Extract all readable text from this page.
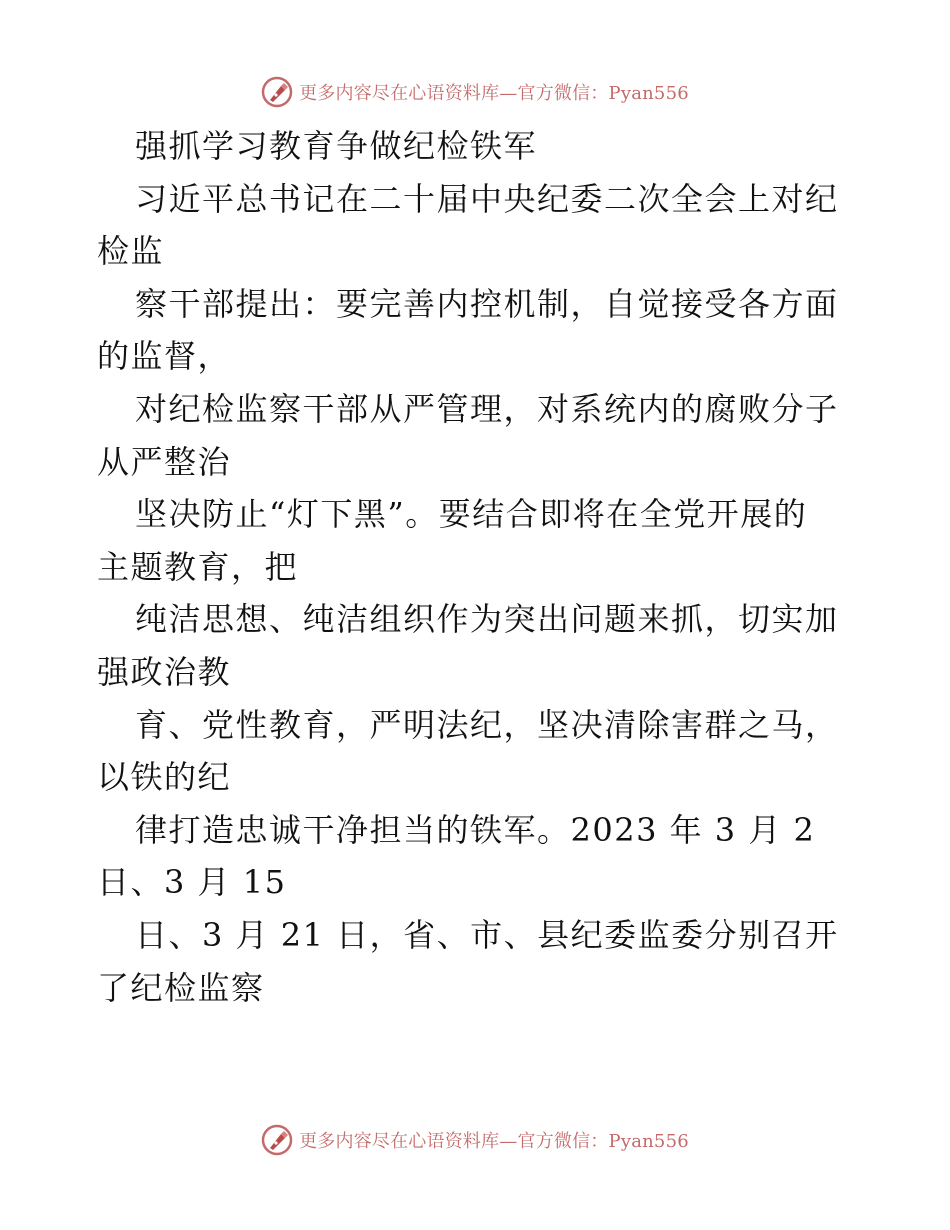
更多内容尽在心语资料库—官方微信：Pyan556
强抓学习教育争做纪检铁军
习近平总书记在二十届中央纪委二次全会上对纪
检监
察干部提出：要完善内控机制，自觉接受各方面
的监督，
对纪检监察干部从严管理，对系统内的腐败分子
从严整治
坚决防止“灯下黑”。要结合即将在全党开展的
主题教育，把
纯洁思想、纯洁组织作为突出问题来抓，切实加
强政治教
育、党性教育，严明法纪，坚决清除害群之马，
以铁的纪
律打造忠诚干净担当的铁军。2023 年 3 月 2
日、3 月 15
日、3 月 21 日，省、市、县纪委监委分别召开
了纪检监察
更多内容尽在心语资料库—官方微信：Pyan556
